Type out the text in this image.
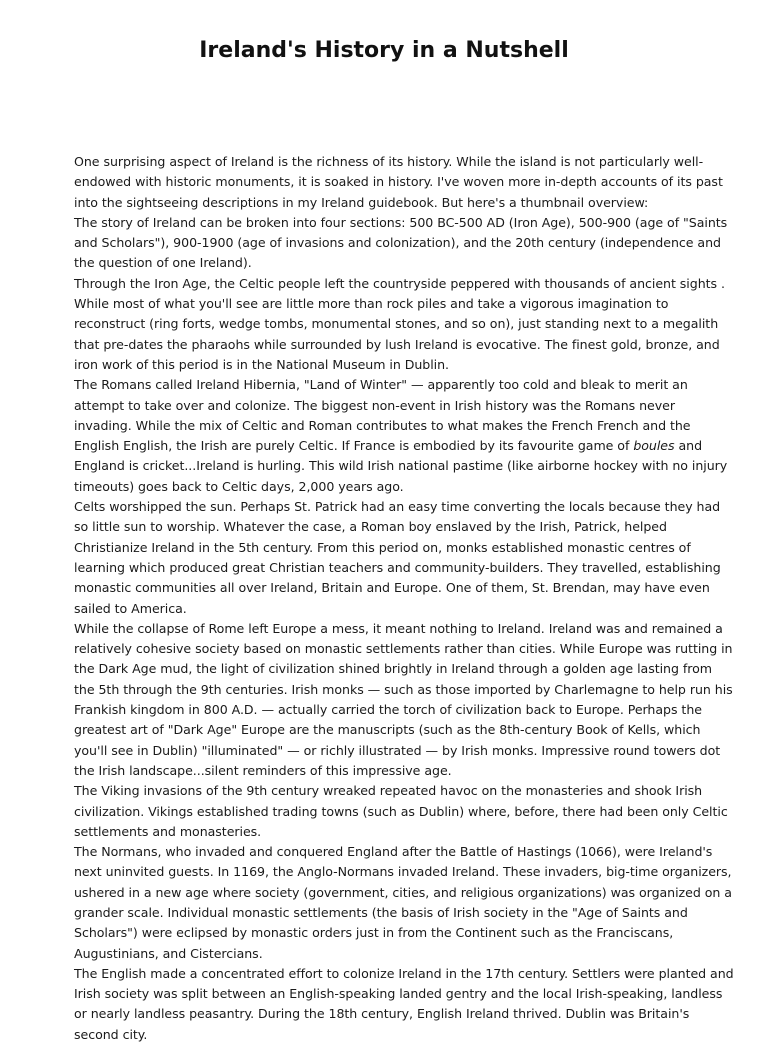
Ireland's History in a Nutshell

One surprising aspect of Ireland is the richness of its history. While the island is not particularly well-endowed with historic monuments, it is soaked in history. I've woven more in-depth accounts of its past into the sightseeing descriptions in my Ireland guidebook. But here's a thumbnail overview:

The story of Ireland can be broken into four sections: 500 BC-500 AD (Iron Age), 500-900 (age of "Saints and Scholars"), 900-1900 (age of invasions and colonization), and the 20th century (independence and the question of one Ireland).

Through the Iron Age, the Celtic people left the countryside peppered with thousands of ancient sights . While most of what you'll see are little more than rock piles and take a vigorous imagination to reconstruct (ring forts, wedge tombs, monumental stones, and so on), just standing next to a megalith that pre-dates the pharaohs while surrounded by lush Ireland is evocative. The finest gold, bronze, and iron work of this period is in the National Museum in Dublin.

The Romans called Ireland Hibernia, "Land of Winter" — apparently too cold and bleak to merit an attempt to take over and colonize. The biggest non-event in Irish history was the Romans never invading. While the mix of Celtic and Roman contributes to what makes the French French and the English English, the Irish are purely Celtic. If France is embodied by its favourite game of boules and England is cricket...Ireland is hurling. This wild Irish national pastime (like airborne hockey with no injury timeouts) goes back to Celtic days, 2,000 years ago.

Celts worshipped the sun. Perhaps St. Patrick had an easy time converting the locals because they had so little sun to worship. Whatever the case, a Roman boy enslaved by the Irish, Patrick, helped Christianize Ireland in the 5th century. From this period on, monks established monastic centres of learning which produced great Christian teachers and community-builders. They travelled, establishing monastic communities all over Ireland, Britain and Europe. One of them, St. Brendan, may have even sailed to America.

While the collapse of Rome left Europe a mess, it meant nothing to Ireland. Ireland was and remained a relatively cohesive society based on monastic settlements rather than cities. While Europe was rutting in the Dark Age mud, the light of civilization shined brightly in Ireland through a golden age lasting from the 5th through the 9th centuries. Irish monks — such as those imported by Charlemagne to help run his Frankish kingdom in 800 A.D. — actually carried the torch of civilization back to Europe. Perhaps the greatest art of "Dark Age" Europe are the manuscripts (such as the 8th-century Book of Kells, which you'll see in Dublin) "illuminated" — or richly illustrated — by Irish monks. Impressive round towers dot the Irish landscape...silent reminders of this impressive age.

The Viking invasions of the 9th century wreaked repeated havoc on the monasteries and shook Irish civilization. Vikings established trading towns (such as Dublin) where, before, there had been only Celtic settlements and monasteries.

The Normans, who invaded and conquered England after the Battle of Hastings (1066), were Ireland's next uninvited guests. In 1169, the Anglo-Normans invaded Ireland. These invaders, big-time organizers, ushered in a new age where society (government, cities, and religious organizations) was organized on a grander scale. Individual monastic settlements (the basis of Irish society in the "Age of Saints and Scholars") were eclipsed by monastic orders just in from the Continent such as the Franciscans, Augustinians, and Cistercians.

The English made a concentrated effort to colonize Ireland in the 17th century. Settlers were planted and Irish society was split between an English-speaking landed gentry and the local Irish-speaking, landless or nearly landless peasantry. During the 18th century, English Ireland thrived. Dublin was Britain's second city.
